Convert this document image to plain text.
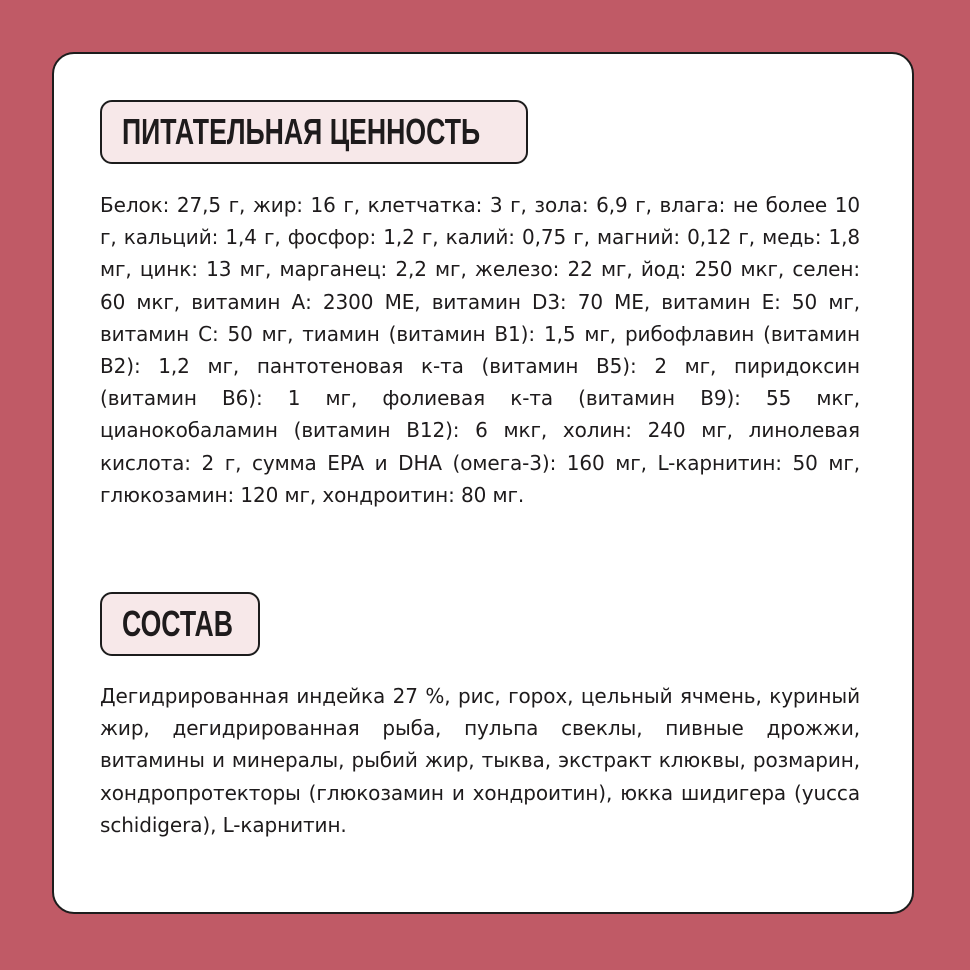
ПИТАТЕЛЬНАЯ ЦЕННОСТЬ

Белок: 27,5 г, жир: 16 г, клетчатка: 3 г, зола: 6,9 г, влага: не более 10 г, кальций: 1,4 г, фосфор: 1,2 г, калий: 0,75 г, магний: 0,12 г, медь: 1,8 мг, цинк: 13 мг, марганец: 2,2 мг, железо: 22 мг, йод: 250 мкг, селен: 60 мкг, витамин А: 2300 МЕ, витамин D3: 70 МЕ, витамин Е: 50 мг, витамин С: 50 мг, тиамин (витамин В1): 1,5 мг, рибофлавин (витамин В2): 1,2 мг, пантотеновая к-та (витамин В5): 2 мг, пиридоксин (витамин В6): 1 мг, фолиевая к-та (витамин В9): 55 мкг, цианокобаламин (витамин В12): 6 мкг, холин: 240 мг, линолевая кислота: 2 г, сумма EPA и DHA (омега-3): 160 мг, L-карнитин: 50 мг, глюкозамин: 120 мг, хондроитин: 80 мг.

СОСТАВ

Дегидрированная индейка 27 %, рис, горох, цельный ячмень, куриный жир, дегидрированная рыба, пульпа свеклы, пивные дрожжи, витамины и минералы, рыбий жир, тыква, экстракт клюквы, розмарин, хондропротекторы (глюкозамин и хондроитин), юкка шидигера (yucca schidigera), L-карнитин.
